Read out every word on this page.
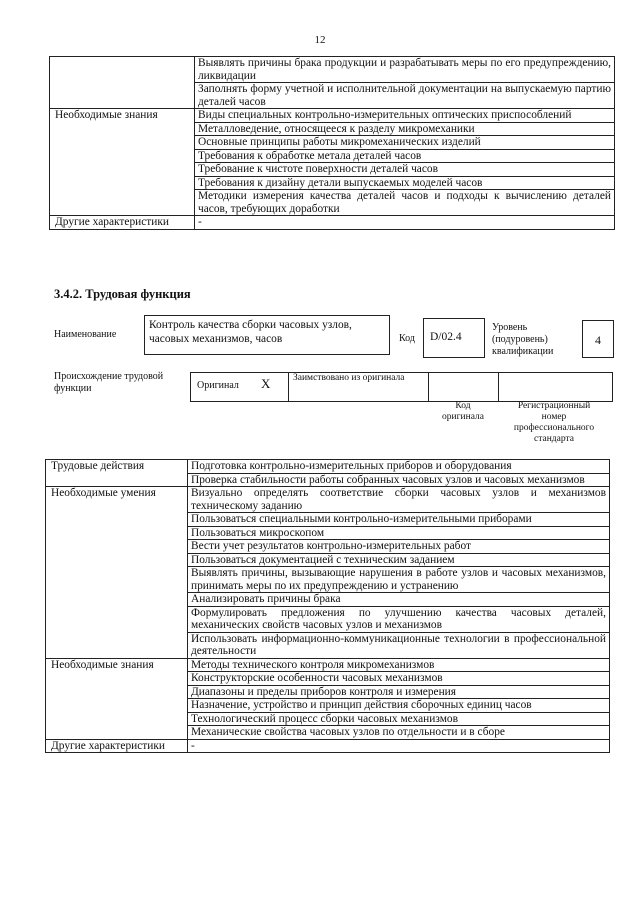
12
	Выявлять причины брака продукции и разрабатывать меры по его предупреждению, ликвидации
	Заполнять форму учетной и исполнительной документации на выпускаемую партию деталей часов
Необходимые знания	Виды специальных контрольно-измерительных оптических приспособлений
	Металловедение, относящееся к разделу микромеханики
	Основные принципы работы микромеханических изделий
	Требования к обработке метала деталей часов
	Требование к чистоте поверхности деталей часов
	Требования к дизайну детали выпускаемых моделей часов
	Методики измерения качества деталей часов и подходы к вычислению деталей часов, требующих доработки
Другие характеристики	-
3.4.2. Трудовая функция
Наименование
Контроль качества сборки часовых узлов, часовых механизмов, часов	Код	D/02.4
Уровень (подуровень) квалификации
4
Происхождение трудовой функции	Оригинал X Заимствовано из оригинала
Код оригинала
Регистрационный номер профессионального стандарта
Трудовые действия	Подготовка контрольно-измерительных приборов и оборудования
	Проверка стабильности работы собранных часовых узлов и часовых механизмов
Необходимые умения	Визуально определять соответствие сборки часовых узлов и механизмов техническому заданию
	Пользоваться специальными контрольно-измерительными приборами
	Пользоваться микроскопом
	Вести учет результатов контрольно-измерительных работ
	Пользоваться документацией с техническим заданием
	Выявлять причины, вызывающие нарушения в работе узлов и часовых механизмов, принимать меры по их предупреждению и устранению
	Анализировать причины брака
	Формулировать предложения по улучшению качества часовых деталей, механических свойств часовых узлов и механизмов
	Использовать информационно-коммуникационные технологии в профессиональной деятельности
Необходимые знания	Методы технического контроля микромеханизмов
	Конструкторские особенности часовых механизмов
	Диапазоны и пределы приборов контроля и измерения
	Назначение, устройство и принцип действия сборочных единиц часов
	Технологический процесс сборки часовых механизмов
	Механические свойства часовых узлов по отдельности и в сборе
Другие характеристики	-
